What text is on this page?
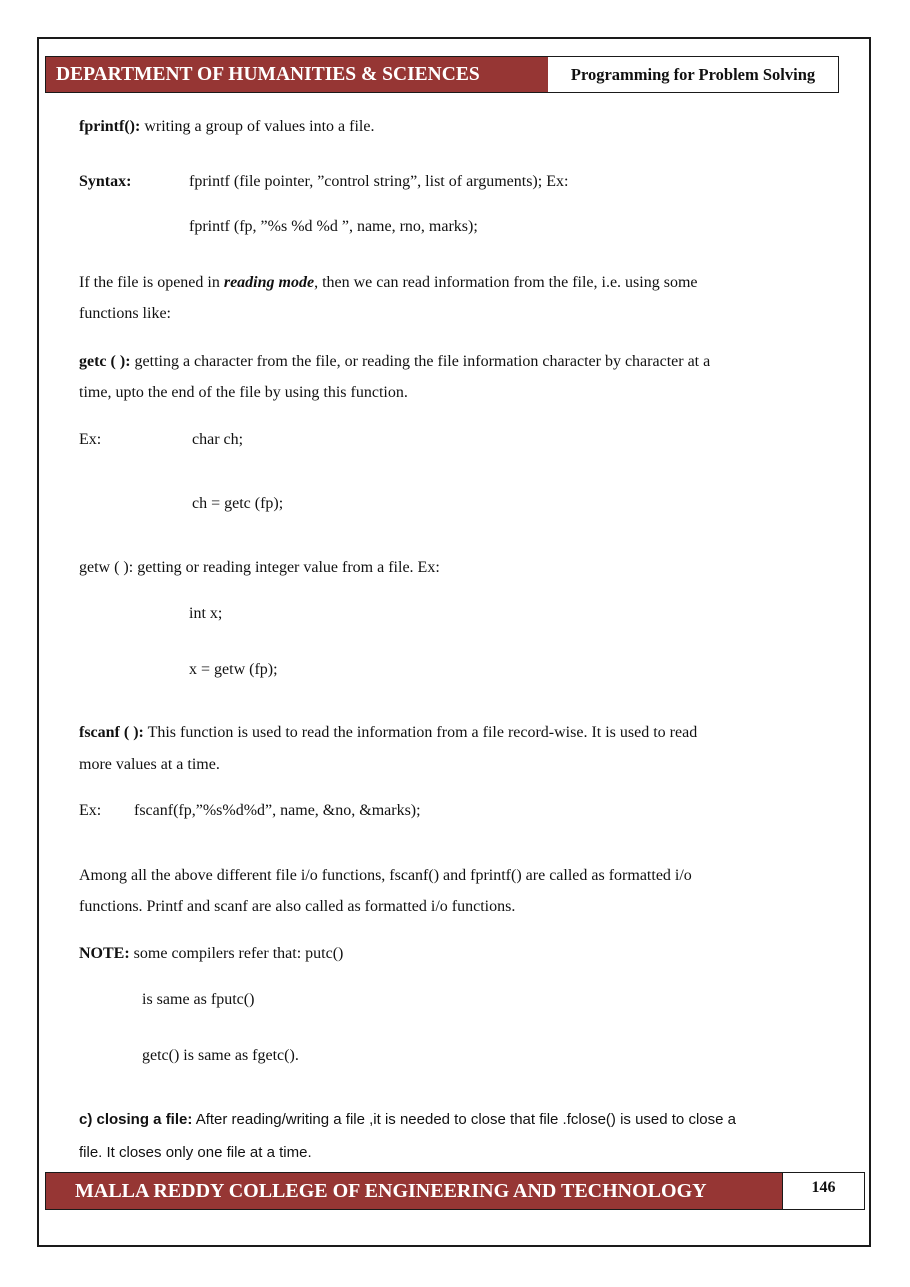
DEPARTMENT OF HUMANITIES & SCIENCES	Programming for Problem Solving
fprintf(): writing a group of values into a file.
Syntax:	fprintf (file pointer, ”control string”, list of arguments); Ex:
fprintf (fp, ”%s %d %d ”, name, rno, marks);
If the file is opened in reading mode, then we can read information from the file, i.e. using some
functions like:
getc ( ): getting a character from the file, or reading the file information character by character at a
time, upto the end of the file by using this function.
Ex:	char ch;
ch = getc (fp);
getw ( ): getting or reading integer value from a file. Ex:
int x;
x = getw (fp);
fscanf ( ): This function is used to read the information from a file record-wise. It is used to read
more values at a time.
Ex: fscanf(fp,”%s%d%d”, name, &no, &marks);
Among all the above different file i/o functions, fscanf() and fprintf() are called as formatted i/o
functions. Printf and scanf are also called as formatted i/o functions.
NOTE: some compilers refer that: putc()
is same as fputc()
getc() is same as fgetc().
c) closing a file: After reading/writing a file ,it is needed to close that file .fclose() is used to close a
file. It closes only one file at a time.
MALLA REDDY COLLEGE OF ENGINEERING AND TECHNOLOGY	146
